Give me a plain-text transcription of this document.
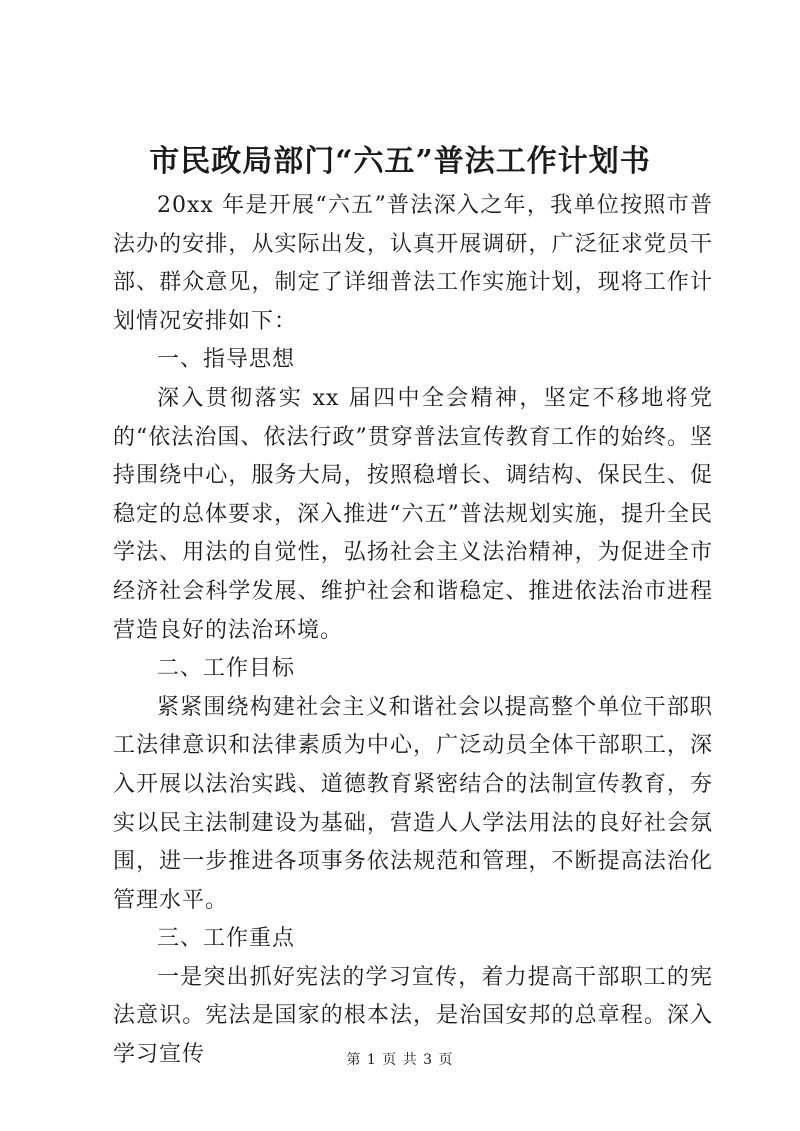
市民政局部门“六五”普法工作计划书

20xx 年是开展“六五”普法深入之年，我单位按照市普法办的安排，从实际出发，认真开展调研，广泛征求党员干部、群众意见，制定了详细普法工作实施计划，现将工作计划情况安排如下：

一、指导思想

深入贯彻落实 xx 届四中全会精神，坚定不移地将党的“依法治国、依法行政”贯穿普法宣传教育工作的始终。坚持围绕中心，服务大局，按照稳增长、调结构、保民生、促稳定的总体要求，深入推进“六五”普法规划实施，提升全民学法、用法的自觉性，弘扬社会主义法治精神，为促进全市经济社会科学发展、维护社会和谐稳定、推进依法治市进程营造良好的法治环境。

二、工作目标

紧紧围绕构建社会主义和谐社会以提高整个单位干部职工法律意识和法律素质为中心，广泛动员全体干部职工，深入开展以法治实践、道德教育紧密结合的法制宣传教育，夯实以民主法制建设为基础，营造人人学法用法的良好社会氛围，进一步推进各项事务依法规范和管理，不断提高法治化管理水平。

三、工作重点

一是突出抓好宪法的学习宣传，着力提高干部职工的宪法意识。宪法是国家的根本法，是治国安邦的总章程。深入学习宣传	第 1 页 共 3 页
